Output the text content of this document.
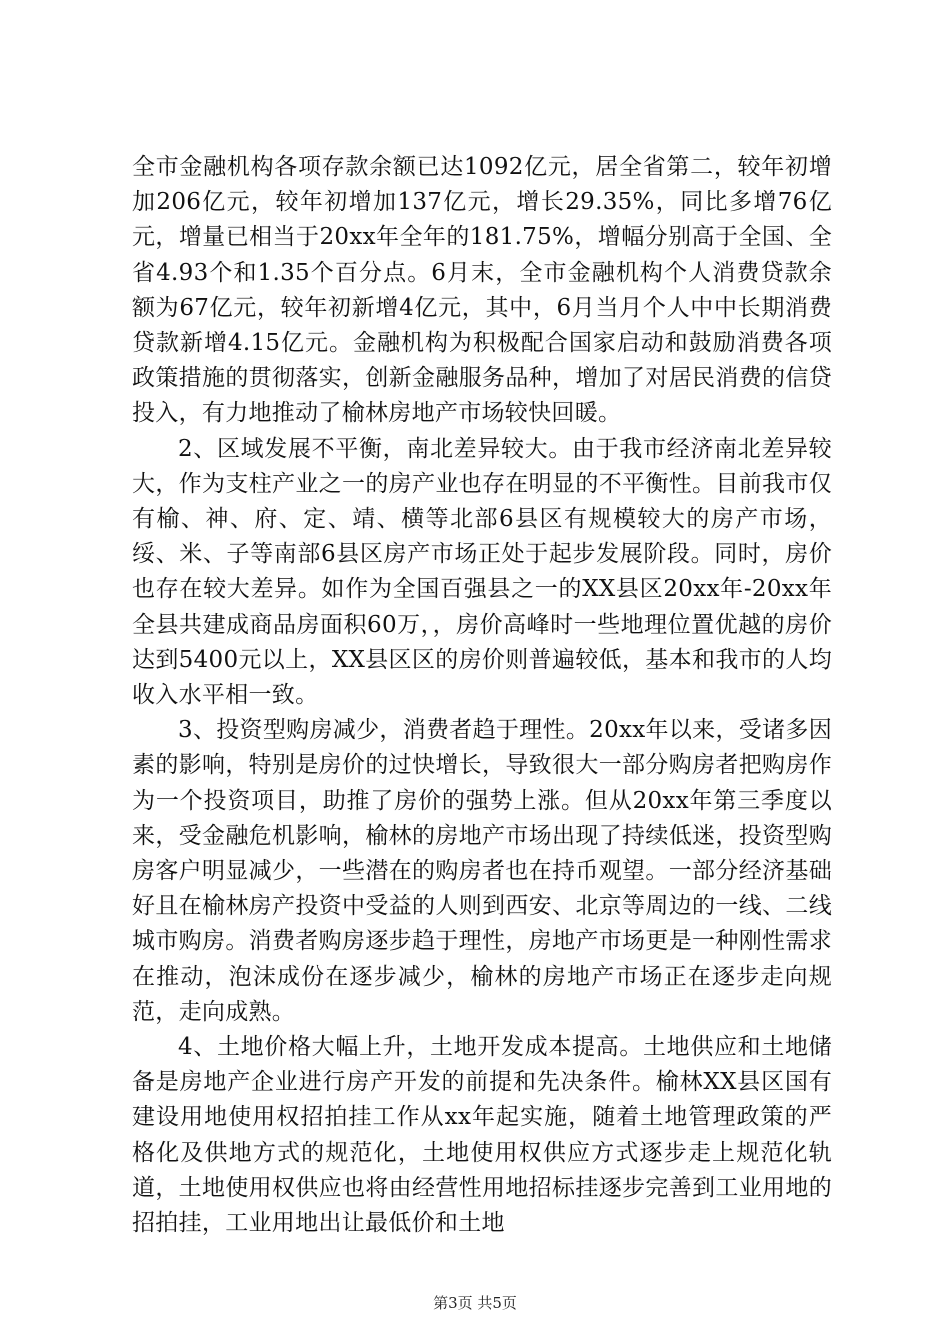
全市金融机构各项存款余额已达1092亿元，居全省第二，较年初增加206亿元，较年初增加137亿元，增长29.35%，同比多增76亿元，增量已相当于20xx年全年的181.75%，增幅分别高于全国、全省4.93个和1.35个百分点。6月末，全市金融机构个人消费贷款余额为67亿元，较年初新增4亿元，其中，6月当月个人中中长期消费贷款新增4.15亿元。金融机构为积极配合国家启动和鼓励消费各项政策措施的贯彻落实，创新金融服务品种，增加了对居民消费的信贷投入，有力地推动了榆林房地产市场较快回暖。

2、区域发展不平衡，南北差异较大。由于我市经济南北差异较大，作为支柱产业之一的房产业也存在明显的不平衡性。目前我市仅有榆、神、府、定、靖、横等北部6县区有规模较大的房产市场，绥、米、子等南部6县区房产市场正处于起步发展阶段。同时，房价也存在较大差异。如作为全国百强县之一的XX县区20xx年-20xx年全县共建成商品房面积60万，，房价高峰时一些地理位置优越的房价达到5400元以上，XX县区区的房价则普遍较低，基本和我市的人均收入水平相一致。

3、投资型购房减少，消费者趋于理性。20xx年以来，受诸多因素的影响，特别是房价的过快增长，导致很大一部分购房者把购房作为一个投资项目，助推了房价的强势上涨。但从20xx年第三季度以来，受金融危机影响，榆林的房地产市场出现了持续低迷，投资型购房客户明显减少，一些潜在的购房者也在持币观望。一部分经济基础好且在榆林房产投资中受益的人则到西安、北京等周边的一线、二线城市购房。消费者购房逐步趋于理性，房地产市场更是一种刚性需求在推动，泡沫成份在逐步减少，榆林的房地产市场正在逐步走向规范，走向成熟。

4、土地价格大幅上升，土地开发成本提高。土地供应和土地储备是房地产企业进行房产开发的前提和先决条件。榆林XX县区国有建设用地使用权招拍挂工作从xx年起实施，随着土地管理政策的严格化及供地方式的规范化，土地使用权供应方式逐步走上规范化轨道，土地使用权供应也将由经营性用地招标挂逐步完善到工业用地的招拍挂，工业用地出让最低价和土地

第3页 共5页
